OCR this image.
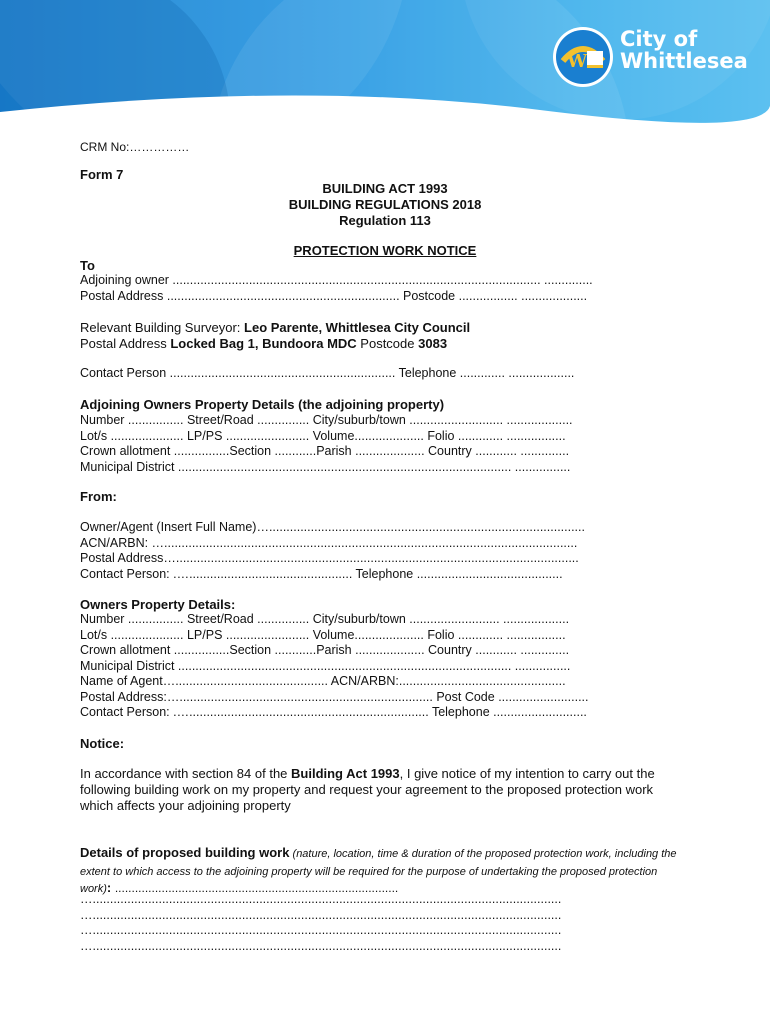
W
City of
Whittlesea
CRM No:……………
Form 7
BUILDING ACT 1993
BUILDING REGULATIONS 2018
Regulation 113
PROTECTION WORK NOTICE
To
Adjoining owner .......................................................................................................... ..............
Postal Address ................................................................... Postcode ................. ...................
Relevant Building Surveyor: Leo Parente, Whittlesea City Council
Postal Address Locked Bag 1, Bundoora MDC Postcode 3083
Contact Person ................................................................. Telephone ............. ...................
Adjoining Owners Property Details (the adjoining property)
Number ................ Street/Road ............... City/suburb/town ........................... ...................
Lot/s ..................... LP/PS ........................ Volume.................... Folio ............. .................
Crown allotment ................Section ............Parish .................... Country ............ ..............
Municipal District ................................................................................................ ................
From:
Owner/Agent (Insert Full Name)…...........................................................................................
ACN/ARBN: ….......................................................................................................................
Postal Address…....................................................................................................................
Contact Person: .…............................................... Telephone ..........................................
Owners Property Details:
Number ................ Street/Road ............... City/suburb/town .......................... ...................
Lot/s ..................... LP/PS ........................ Volume.................... Folio ............. .................
Crown allotment ................Section ............Parish .................... Country ............ ..............
Municipal District ................................................................................................ ................
Name of Agent…............................................ ACN/ARBN:................................................
Postal Address:…......................................................................... Post Code ..........................
Contact Person: .…..................................................................... Telephone ...........................
Notice:
In accordance with section 84 of the Building Act 1993, I give notice of my intention to carry out the following building work on my property and request your agreement to the proposed protection work which affects your adjoining property
Details of proposed building work (nature, location, time & duration of the proposed protection work, including the extent to which access to the adjoining property will be required for the purpose of undertaking the proposed protection work): .....................................................................................
….......................................................................................................................................
….......................................................................................................................................
….......................................................................................................................................
….......................................................................................................................................
